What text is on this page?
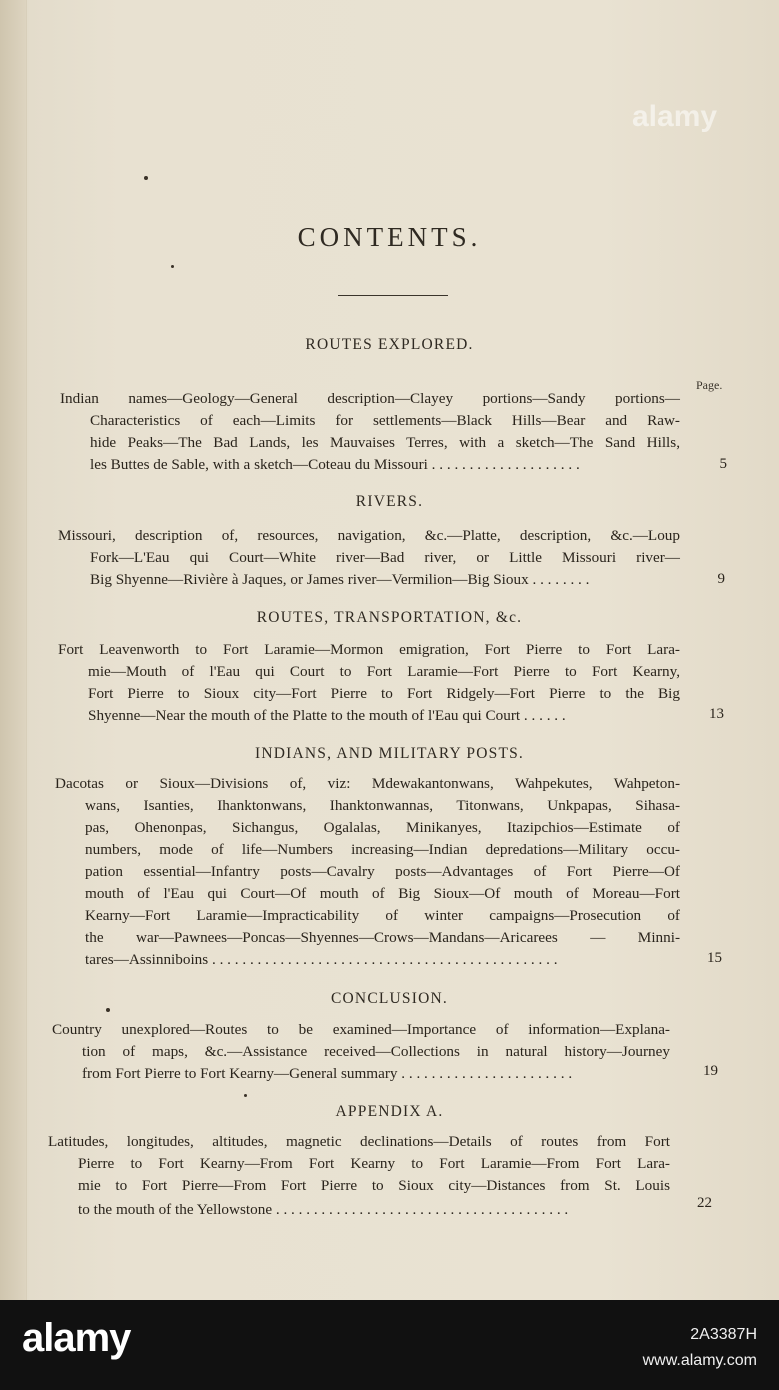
alamy
CONTENTS.
Page.
ROUTES EXPLORED.
Indian names—Geology—General description—Clayey portions—Sandy portions—
Characteristics of each—Limits for settlements—Black Hills—Bear and Raw-
hide Peaks—The Bad Lands, les Mauvaises Terres, with a sketch—The Sand Hills,
les Buttes de Sable, with a sketch—Coteau du Missouri . . . . . . . . . . . . . . . . . . . .	5
RIVERS.
Missouri, description of, resources, navigation, &c.—Platte, description, &c.—Loup
Fork—L'Eau qui Court—White river—Bad river, or Little Missouri river—
Big Shyenne—Rivière à Jaques, or James river—Vermilion—Big Sioux . . . . . . . .	9
ROUTES, TRANSPORTATION, &c.
Fort Leavenworth to Fort Laramie—Mormon emigration, Fort Pierre to Fort Lara-
mie—Mouth of l'Eau qui Court to Fort Laramie—Fort Pierre to Fort Kearny,
Fort Pierre to Sioux city—Fort Pierre to Fort Ridgely—Fort Pierre to the Big
Shyenne—Near the mouth of the Platte to the mouth of l'Eau qui Court . . . . . .	13
INDIANS, AND MILITARY POSTS.
Dacotas or Sioux—Divisions of, viz: Mdewakantonwans, Wahpekutes, Wahpeton-
wans, Isanties, Ihanktonwans, Ihanktonwannas, Titonwans, Unkpapas, Sihasa-
pas, Ohenonpas, Sichangus, Ogalalas, Minikanyes, Itazipchios—Estimate of
numbers, mode of life—Numbers increasing—Indian depredations—Military occu-
pation essential—Infantry posts—Cavalry posts—Advantages of Fort Pierre—Of
mouth of l'Eau qui Court—Of mouth of Big Sioux—Of mouth of Moreau—Fort
Kearny—Fort Laramie—Impracticability of winter campaigns—Prosecution of
the war—Pawnees—Poncas—Shyennes—Crows—Mandans—Aricarees — Minni-
tares—Assinniboins . . . . . . . . . . . . . . . . . . . . . . . . . . . . . . . . . . . . . . . . . . . . . .	15
CONCLUSION.
Country unexplored—Routes to be examined—Importance of information—Explana-
tion of maps, &c.—Assistance received—Collections in natural history—Journey
from Fort Pierre to Fort Kearny—General summary . . . . . . . . . . . . . . . . . . . . . . .	19
APPENDIX A.
Latitudes, longitudes, altitudes, magnetic declinations—Details of routes from Fort
Pierre to Fort Kearny—From Fort Kearny to Fort Laramie—From Fort Lara-
mie to Fort Pierre—From Fort Pierre to Sioux city—Distances from St. Louis
to the mouth of the Yellowstone . . . . . . . . . . . . . . . . . . . . . . . . . . . . . . . . . . . . . . .	22
alamy	2A3387H
www.alamy.com
